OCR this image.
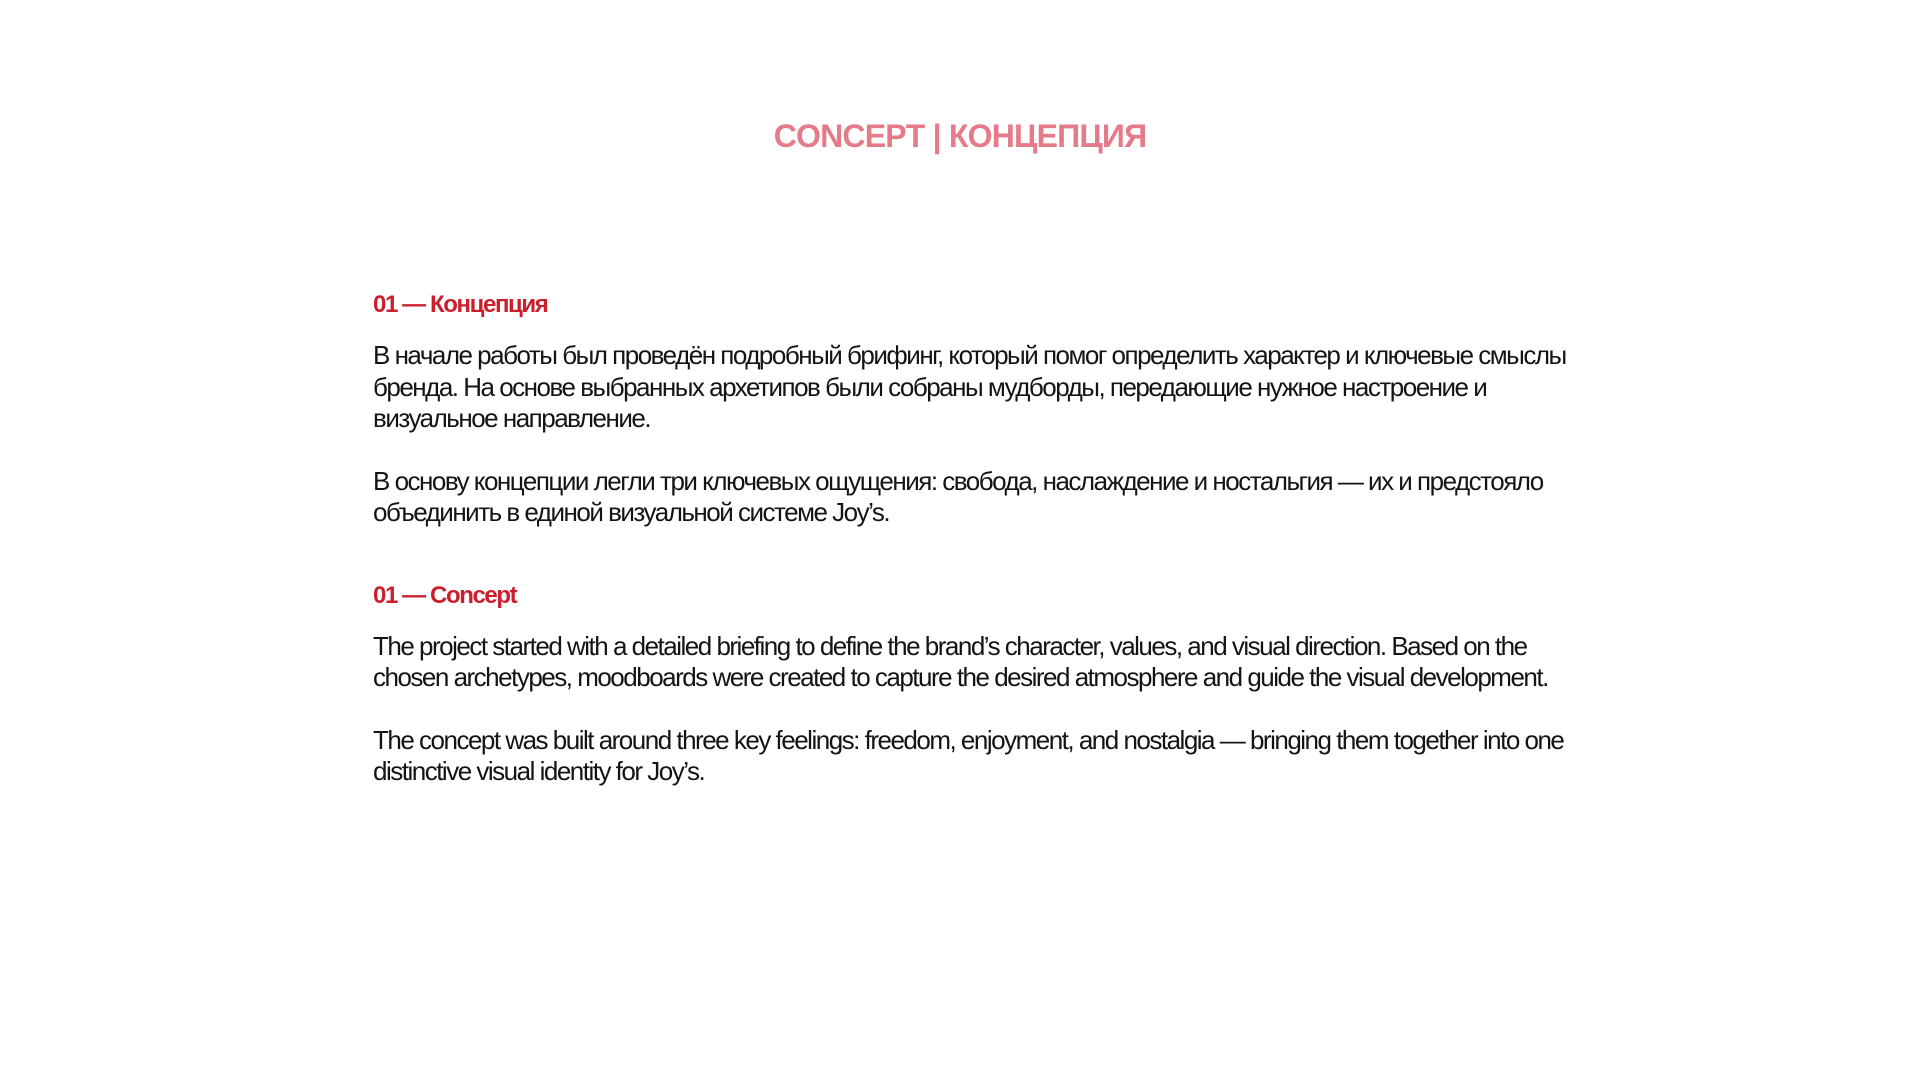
CONCEPT | КОНЦЕПЦИЯ
01 — Концепция

В начале работы был проведён подробный брифинг, который помог определить характер и ключевые смыслы бренда. На основе выбранных архетипов были собраны мудборды, передающие нужное настроение и визуальное направление.

В основу концепции легли три ключевых ощущения: свобода, наслаждение и ностальгия — их и предстояло объединить в единой визуальной системе Joy’s.

01 — Concept

The project started with a detailed briefing to define the brand’s character, values, and visual direction. Based on the chosen archetypes, moodboards were created to capture the desired atmosphere and guide the visual development.

The concept was built around three key feelings: freedom, enjoyment, and nostalgia — bringing them together into one distinctive visual identity for Joy’s.
